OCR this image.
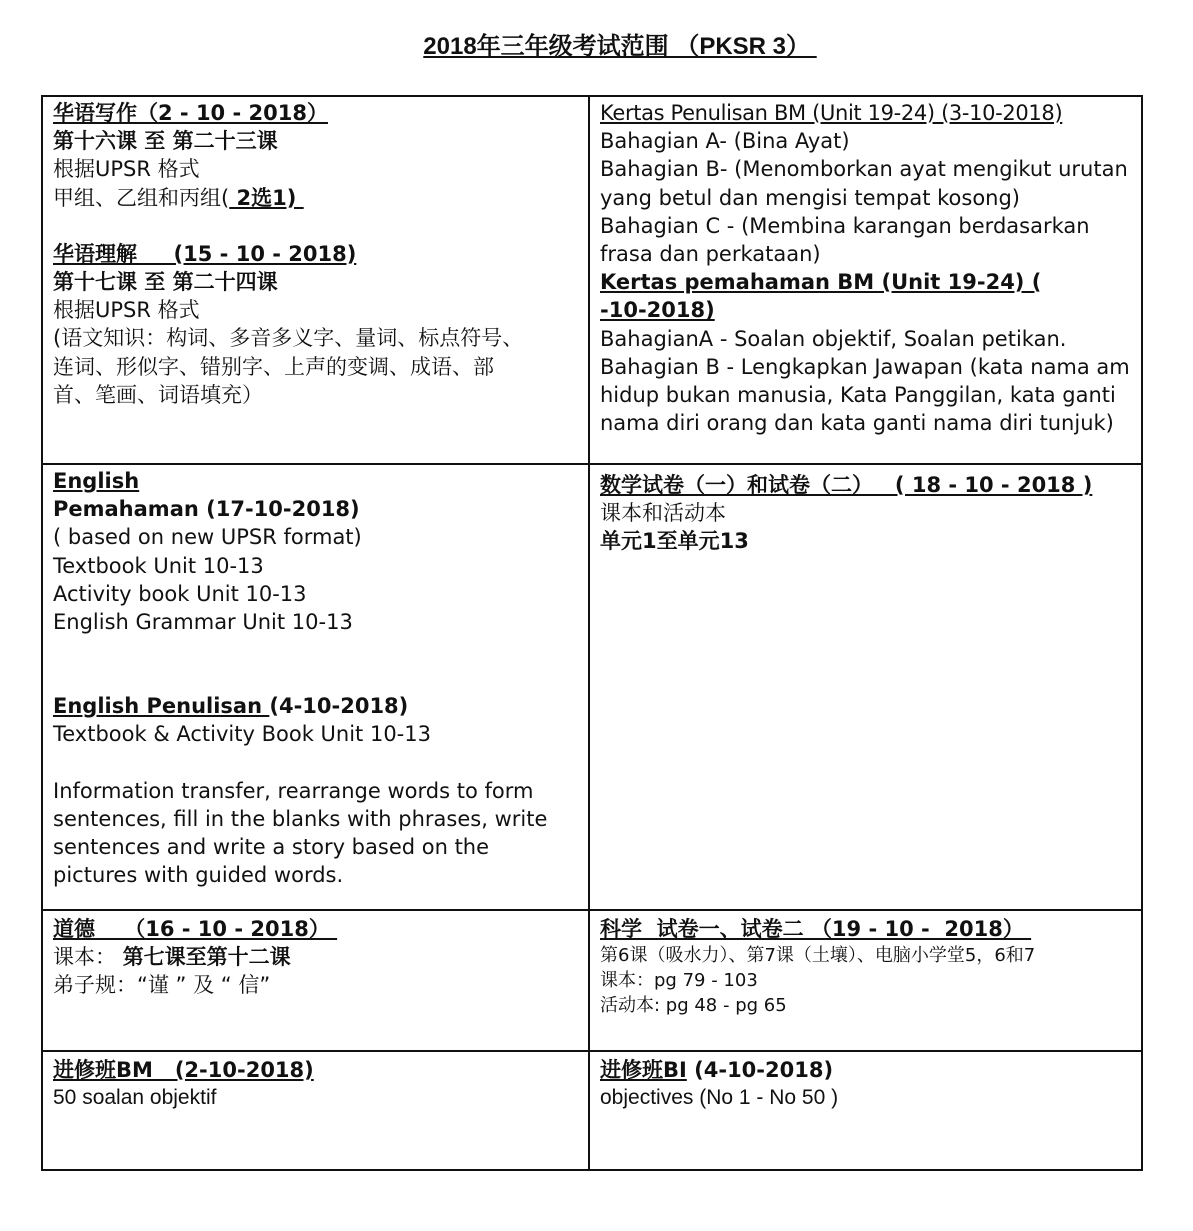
2018年三年级考试范围 （PKSR 3）
华语写作（2 - 10 - 2018）
第十六课 至 第二十三课
根据UPSR 格式
甲组、乙组和丙组( 2选1)
华语理解     (15 - 10 - 2018)
第十七课 至 第二十四课
根据UPSR 格式
(语文知识：构词、多音多义字、量词、标点符号、
连词、形似字、错别字、上声的变调、成语、部
首、笔画、词语填充）
Kertas Penulisan BM (Unit 19-24) (3-10-2018)
Bahagian A- (Bina Ayat)
Bahagian B- (Menomborkan ayat mengikut urutan
yang betul dan mengisi tempat kosong)
Bahagian C - (Membina karangan berdasarkan
frasa dan perkataan)
Kertas pemahaman BM (Unit 19-24) (
-10-2018)
BahagianA - Soalan objektif, Soalan petikan.
Bahagian B - Lengkapkan Jawapan (kata nama am
hidup bukan manusia, Kata Panggilan, kata ganti
nama diri orang dan kata ganti nama diri tunjuk)
English
Pemahaman (17-10-2018)
( based on new UPSR format)
Textbook Unit 10-13
Activity book Unit 10-13
English Grammar Unit 10-13
English Penulisan (4-10-2018)
Textbook & Activity Book Unit 10-13
Information transfer, rearrange words to form
sentences, fill in the blanks with phrases, write
sentences and write a story based on the
pictures with guided words.
数学试卷（一）和试卷（二）   ( 18 - 10 - 2018 )
课本和活动本
单元1至单元13
道德    （16 - 10 - 2018）
课本： 第七课至第十二课
弟子规：“谨 ” 及 “ 信”
科学  试卷一、试卷二 （19 - 10 -  2018）
第6课（吸水力）、第7课（土壤）、电脑小学堂5，6和7
课本：pg 79 - 103
活动本: pg 48 - pg 65
进修班BM   (2-10-2018)
50 soalan objektif
进修班BI (4-10-2018)
objectives (No 1 - No 50 )
